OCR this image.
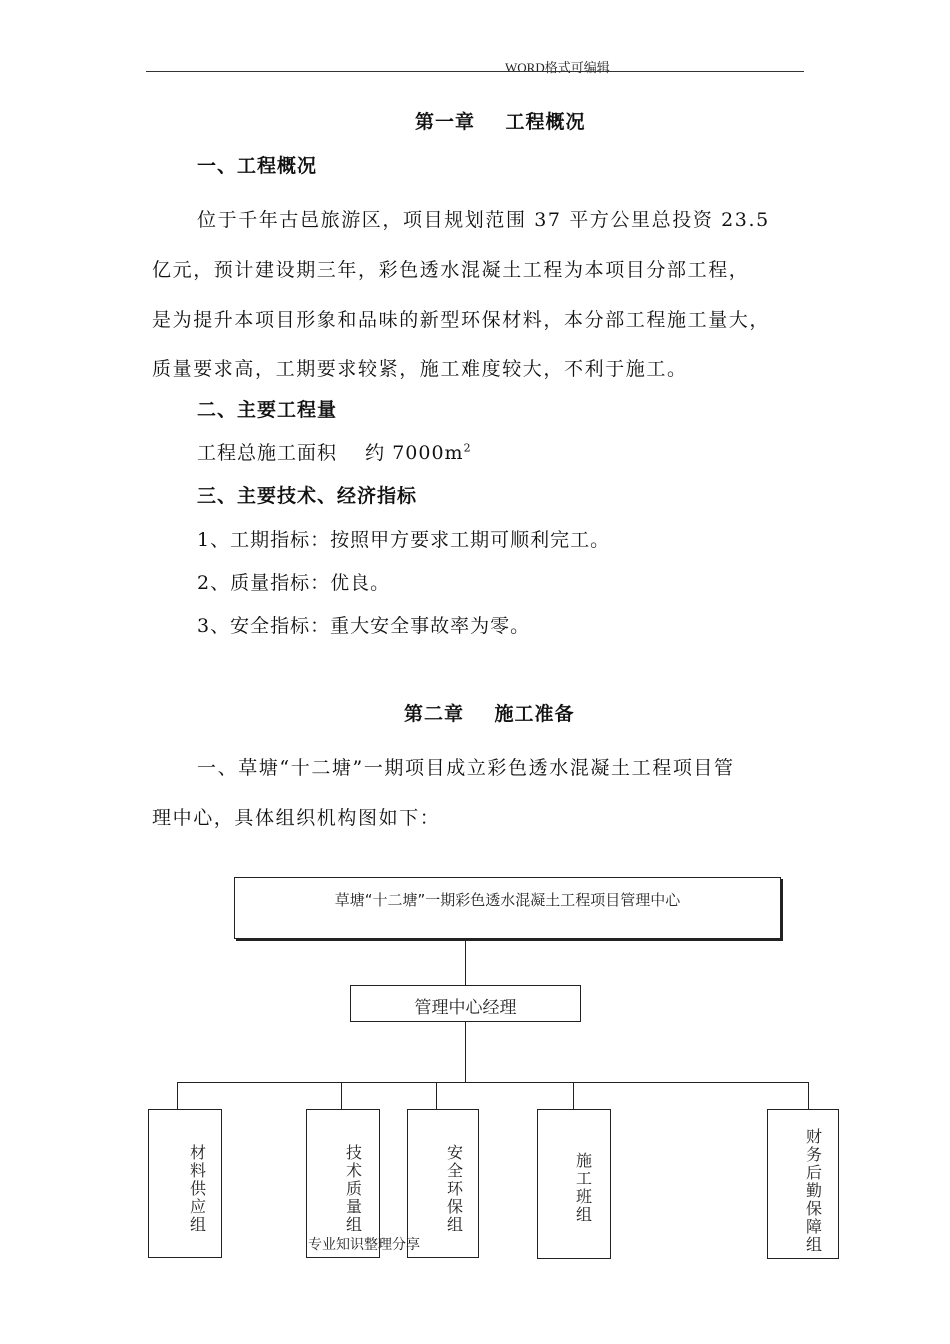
WORD格式可编辑
第一章    工程概况
一、工程概况
位于千年古邑旅游区，项目规划范围 37 平方公里总投资 23.5
亿元，预计建设期三年，彩色透水混凝土工程为本项目分部工程，
是为提升本项目形象和品味的新型环保材料，本分部工程施工量大，
质量要求高，工期要求较紧，施工难度较大，不利于施工。
二、主要工程量
工程总施工面积    约 $7000m^2$
三、主要技术、经济指标
1、工期指标：按照甲方要求工期可顺利完工。
2、质量指标：优良。
3、安全指标：重大安全事故率为零。
第二章    施工准备
一、草塘“十二塘”一期项目成立彩色透水混凝土工程项目管
理中心，具体组织机构图如下：
草塘“十二塘”一期彩色透水混凝土工程项目管理中心
管理中心经理
材料供应组
技术质量组
安全环保组
施工班组
财务后勤保障组
专业知识整理分享
